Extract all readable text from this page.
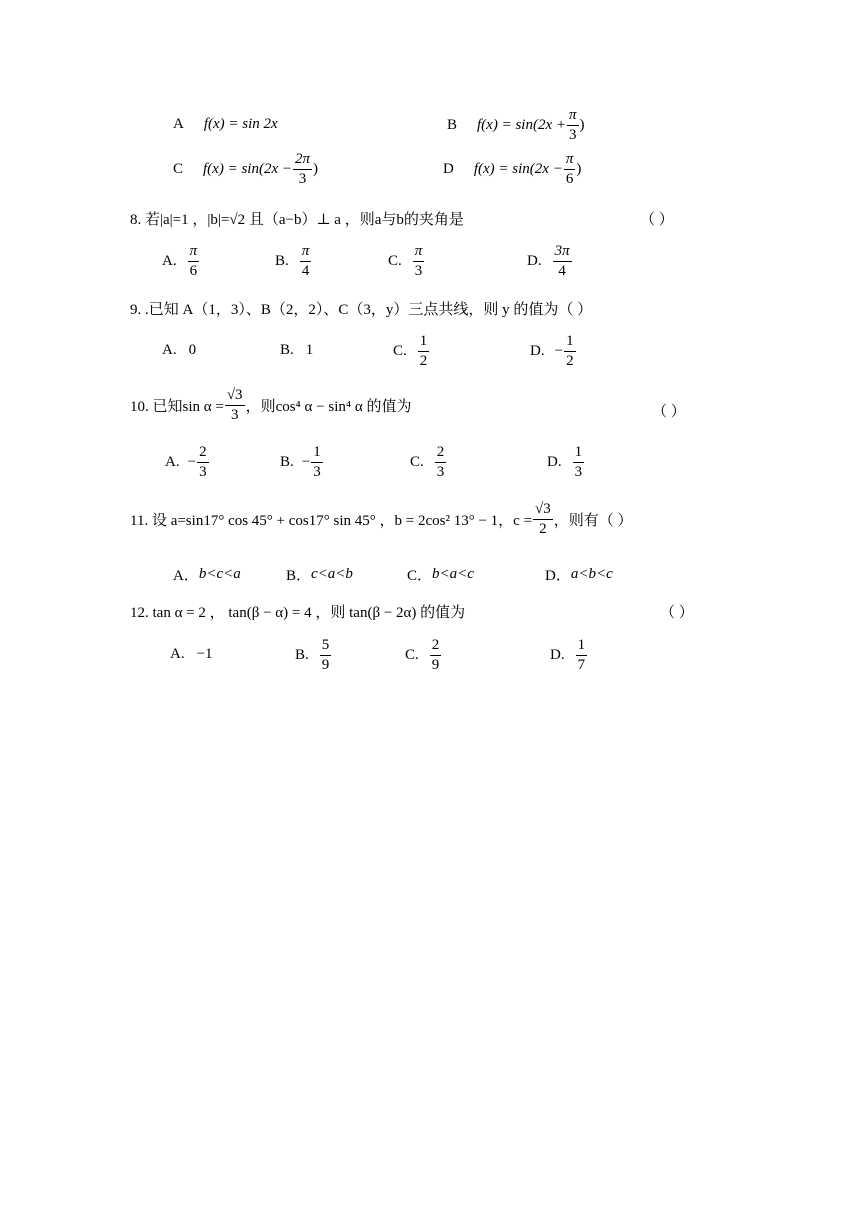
A f(x) = sin 2x	B $f(x) = \sin(2x + \frac{\pi}{3}$ )
C $f(x) = \sin(2x - \frac{2\pi}{3}$ )	D $f(x) = \sin(2x - \frac{\pi}{6}$ )
8. 若|a|=1 ，|b|=√2 且（a−b）⊥ a ，则a与b的夹角是	（ ）
A. $\frac{\pi}{6}$	B. $\frac{\pi}{4}$	C. $\frac{\pi}{3}$	D. $\frac{3\pi}{4}$
9. .已知 A（1，3）、B（2，2）、C（3，y）三点共线，则 y 的值为（ ）
A. 0	B. 1	C. $\frac{1}{2}$	D. − $\frac{1}{2}$
10. 已知$\sin \alpha = \frac{√3}{3}$ ，则cos⁴ α − sin⁴ α 的值为	（ ）
A. − $\frac{2}{3}$	B. − $\frac{1}{3}$	C. $\frac{2}{3}$	D. $\frac{1}{3}$
11. 设 a=sin17° cos 45° + cos17° sin 45° ，b = 2cos² 13° − 1，$c = \frac{√3}{2}$ ，则有（ ）
A． b<c<a	B． c<a<b	C． b<a<c	D． a<b<c
12. tan α = 2 ， tan(β − α) = 4 ，则 tan(β − 2α) 的值为	（ ）
A. −1	B. $\frac{5}{9}$	C. $\frac{2}{9}$	D. $\frac{1}{7}$
